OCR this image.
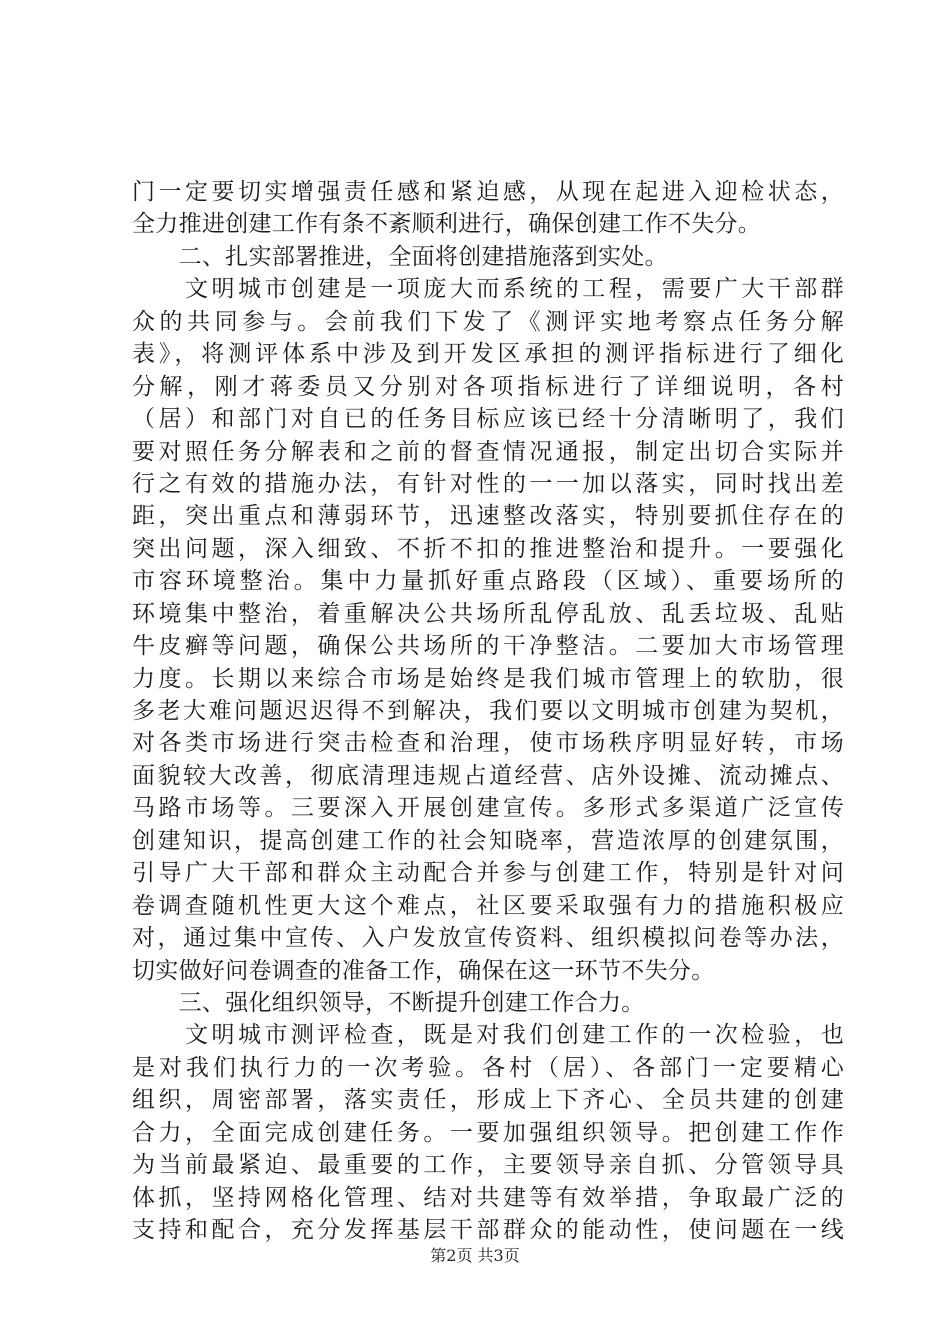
门一定要切实增强责任感和紧迫感，从现在起进入迎检状态，
全力推进创建工作有条不紊顺利进行，确保创建工作不失分。
　　二、扎实部署推进，全面将创建措施落到实处。
　　文明城市创建是一项庞大而系统的工程，需要广大干部群
众的共同参与。会前我们下发了《测评实地考察点任务分解
表》，将测评体系中涉及到开发区承担的测评指标进行了细化
分解，刚才蒋委员又分别对各项指标进行了详细说明，各村
（居）和部门对自已的任务目标应该已经十分清晰明了，我们
要对照任务分解表和之前的督查情况通报，制定出切合实际并
行之有效的措施办法，有针对性的一一加以落实，同时找出差
距，突出重点和薄弱环节，迅速整改落实，特别要抓住存在的
突出问题，深入细致、不折不扣的推进整治和提升。一要强化
市容环境整治。集中力量抓好重点路段（区域）、重要场所的
环境集中整治，着重解决公共场所乱停乱放、乱丢垃圾、乱贴
牛皮癣等问题，确保公共场所的干净整洁。二要加大市场管理
力度。长期以来综合市场是始终是我们城市管理上的软肋，很
多老大难问题迟迟得不到解决，我们要以文明城市创建为契机，
对各类市场进行突击检查和治理，使市场秩序明显好转，市场
面貌较大改善，彻底清理违规占道经营、店外设摊、流动摊点、
马路市场等。三要深入开展创建宣传。多形式多渠道广泛宣传
创建知识，提高创建工作的社会知晓率，营造浓厚的创建氛围，
引导广大干部和群众主动配合并参与创建工作，特别是针对问
卷调查随机性更大这个难点，社区要采取强有力的措施积极应
对，通过集中宣传、入户发放宣传资料、组织模拟问卷等办法，
切实做好问卷调查的准备工作，确保在这一环节不失分。
　　三、强化组织领导，不断提升创建工作合力。
　　文明城市测评检查，既是对我们创建工作的一次检验，也
是对我们执行力的一次考验。各村（居）、各部门一定要精心
组织，周密部署，落实责任，形成上下齐心、全员共建的创建
合力，全面完成创建任务。一要加强组织领导。把创建工作作
为当前最紧迫、最重要的工作，主要领导亲自抓、分管领导具
体抓，坚持网格化管理、结对共建等有效举措，争取最广泛的
支持和配合，充分发挥基层干部群众的能动性，使问题在一线
第2页 共3页
